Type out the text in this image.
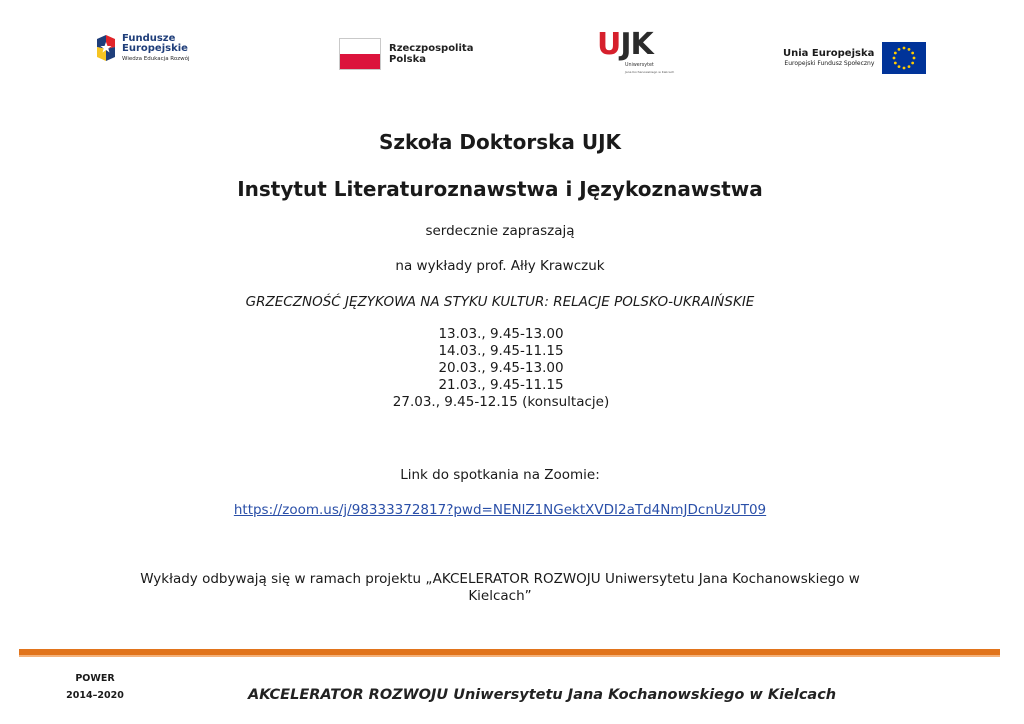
Fundusze
Europejskie
Wiedza Edukacja Rozwój
Rzeczpospolita
Polska	UJK
Uniwersytet
Jana Kochanowskiego w Kielcach
Unia Europejska
Europejski Fundusz Społeczny
Szkoła Doktorska UJK
Instytut Literaturoznawstwa i Językoznawstwa
serdecznie zapraszają
na wykłady prof. Ałły Krawczuk
GRZECZNOŚĆ JĘZYKOWA NA STYKU KULTUR: RELACJE POLSKO-UKRAIŃSKIE
13.03., 9.45-13.00
14.03., 9.45-11.15
20.03., 9.45-13.00
21.03., 9.45-11.15
27.03., 9.45-12.15 (konsultacje)
Link do spotkania na Zoomie:
https://zoom.us/j/98333372817?pwd=NENlZ1NGektXVDI2aTd4NmJDcnUzUT09
Wykłady odbywają się w ramach projektu „AKCELERATOR ROZWOJU Uniwersytetu Jana Kochanowskiego w
Kielcach”
POWER
2014–2020	AKCELERATOR ROZWOJU Uniwersytetu Jana Kochanowskiego w Kielcach
